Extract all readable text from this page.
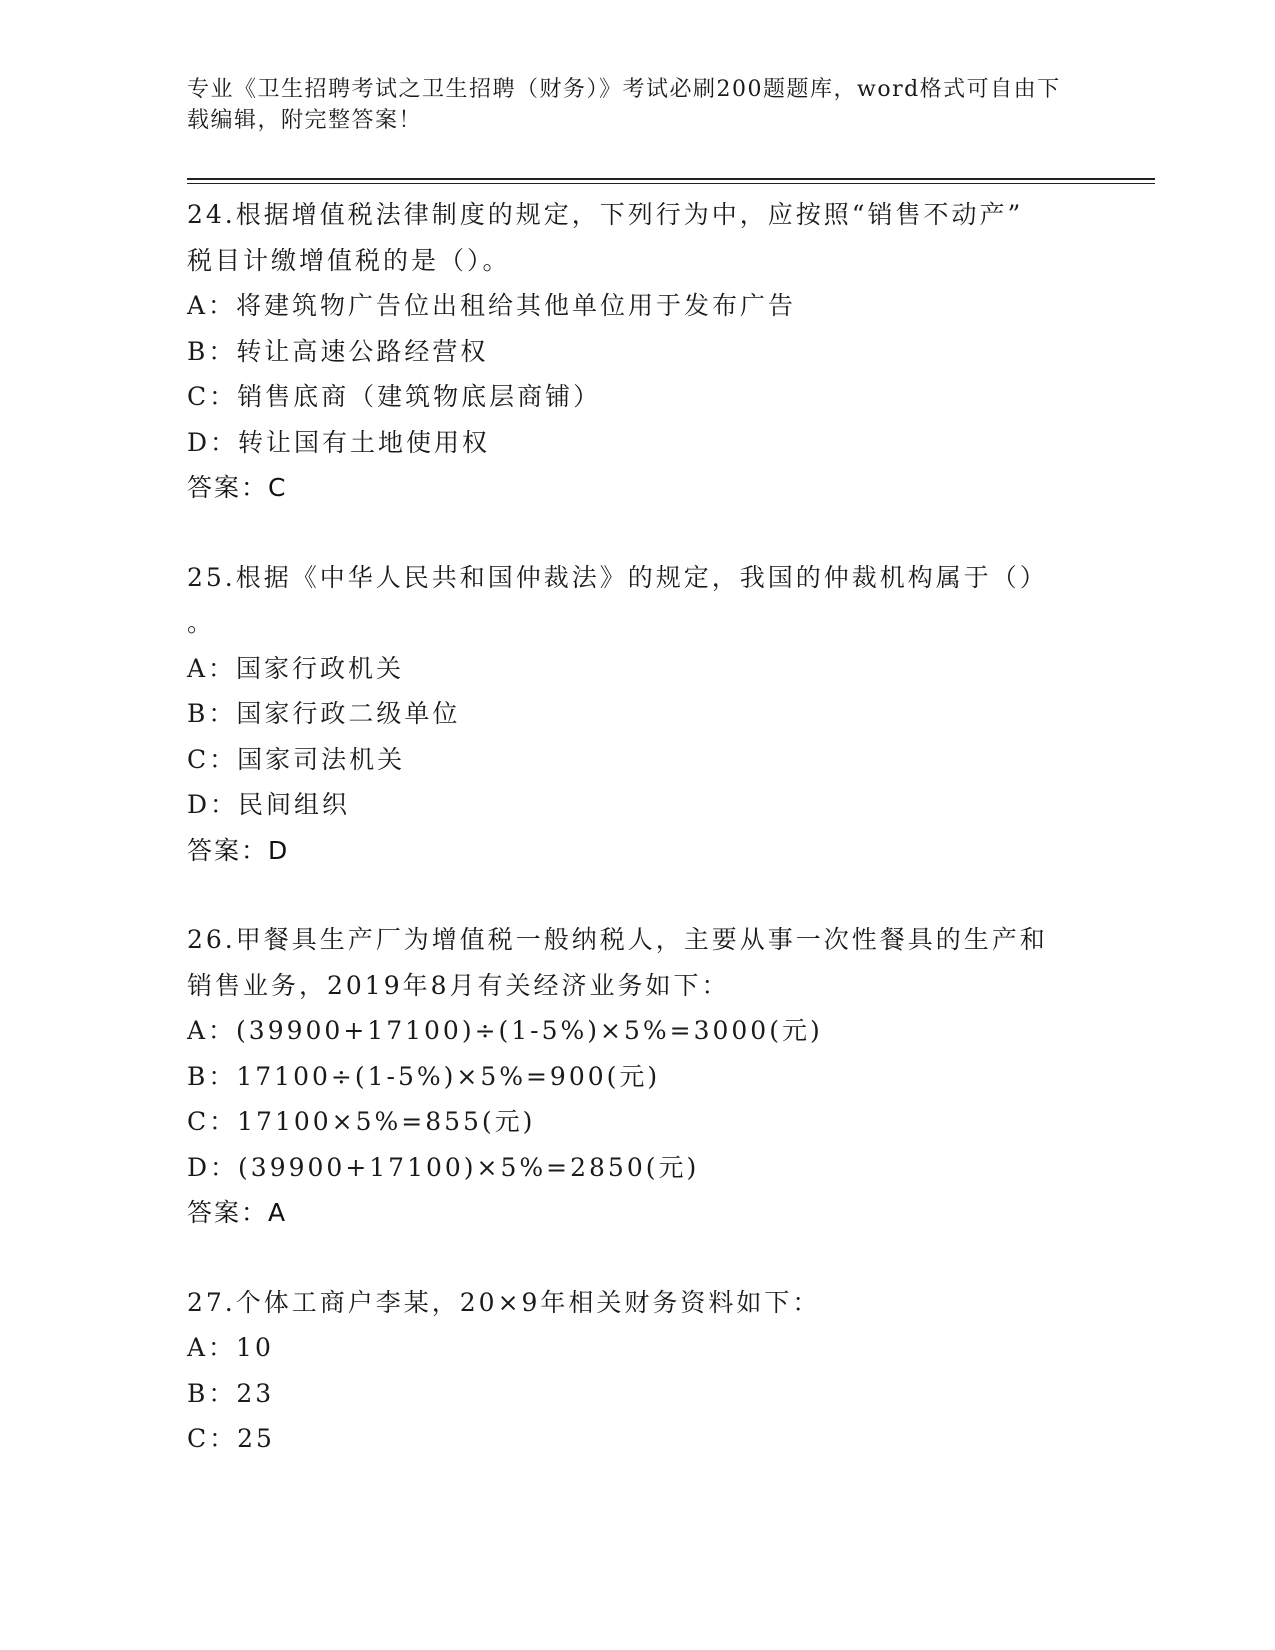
专业《卫生招聘考试之卫生招聘（财务）》考试必刷200题题库，word格式可自由下载编辑，附完整答案！
24.根据增值税法律制度的规定，下列行为中，应按照“销售不动产”
税目计缴增值税的是（）。
A：将建筑物广告位出租给其他单位用于发布广告
B：转让高速公路经营权
C：销售底商（建筑物底层商铺）
D：转让国有土地使用权
答案：C
25.根据《中华人民共和国仲裁法》的规定，我国的仲裁机构属于（）
。
A：国家行政机关
B：国家行政二级单位
C：国家司法机关
D：民间组织
答案：D
26.甲餐具生产厂为增值税一般纳税人，主要从事一次性餐具的生产和
销售业务，2019年8月有关经济业务如下：
A：(39900+17100)÷(1-5%)×5%=3000(元)
B：17100÷(1-5%)×5%=900(元)
C：17100×5%=855(元)
D：(39900+17100)×5%=2850(元)
答案：A
27.个体工商户李某，20×9年相关财务资料如下：
A：10
B：23
C：25
